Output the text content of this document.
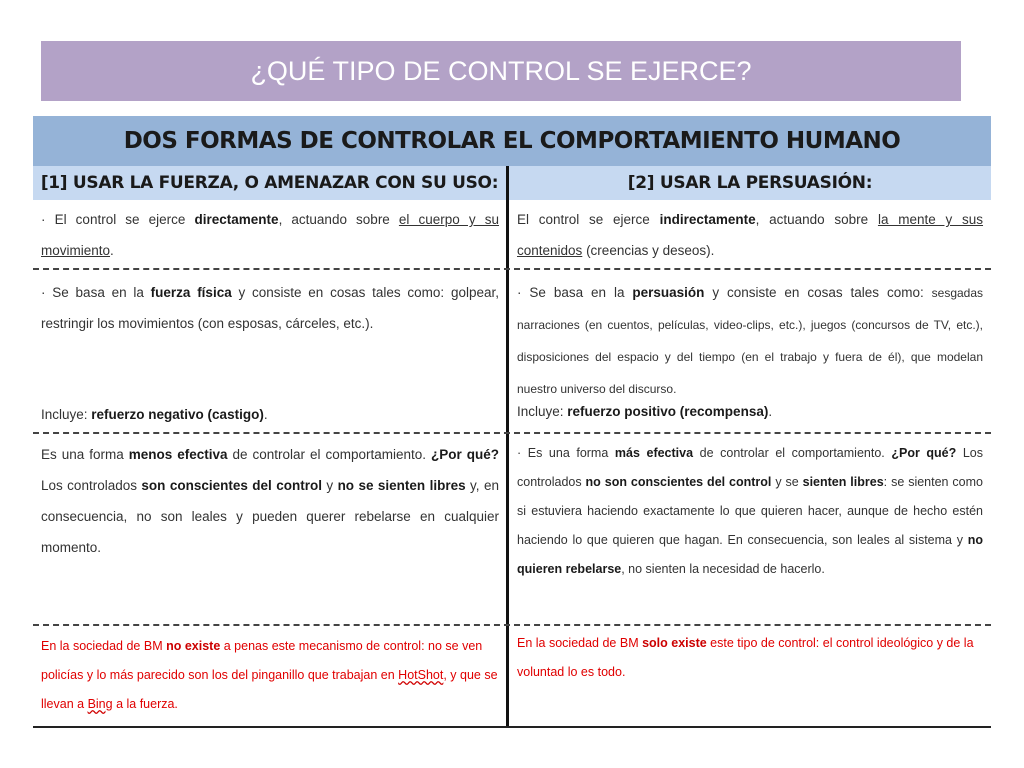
¿QUÉ TIPO DE CONTROL SE EJERCE?
DOS FORMAS DE CONTROLAR EL COMPORTAMIENTO HUMANO
[1] USAR LA FUERZA, O AMENAZAR CON SU USO:	[2] USAR LA PERSUASIÓN:
· El control se ejerce directamente, actuando sobre el cuerpo y su movimiento.
· Se basa en la fuerza física y consiste en cosas tales como: golpear, restringir los movimientos (con esposas, cárceles, etc.).
Incluye: refuerzo negativo (castigo).
Es una forma menos efectiva de controlar el comportamiento. ¿Por qué? Los controlados son conscientes del control y no se sienten libres y, en consecuencia, no son leales y pueden querer rebelarse en cualquier momento.
En la sociedad de BM no existe a penas este mecanismo de control: no se ven policías y lo más parecido son los del pinganillo que trabajan en HotShot, y que se llevan a Bing a la fuerza.
El control se ejerce indirectamente, actuando sobre la mente y sus contenidos (creencias y deseos).
· Se basa en la persuasión y consiste en cosas tales como: sesgadas narraciones (en cuentos, películas, video-clips, etc.), juegos (concursos de TV, etc.), disposiciones del espacio y del tiempo (en el trabajo y fuera de él), que modelan nuestro universo del discurso.
Incluye: refuerzo positivo (recompensa).
· Es una forma más efectiva de controlar el comportamiento. ¿Por qué? Los controlados no son conscientes del control y se sienten libres: se sienten como si estuviera haciendo exactamente lo que quieren hacer, aunque de hecho estén haciendo lo que quieren que hagan. En consecuencia, son leales al sistema y no quieren rebelarse, no sienten la necesidad de hacerlo.
En la sociedad de BM solo existe este tipo de control: el control ideológico y de la voluntad lo es todo.
